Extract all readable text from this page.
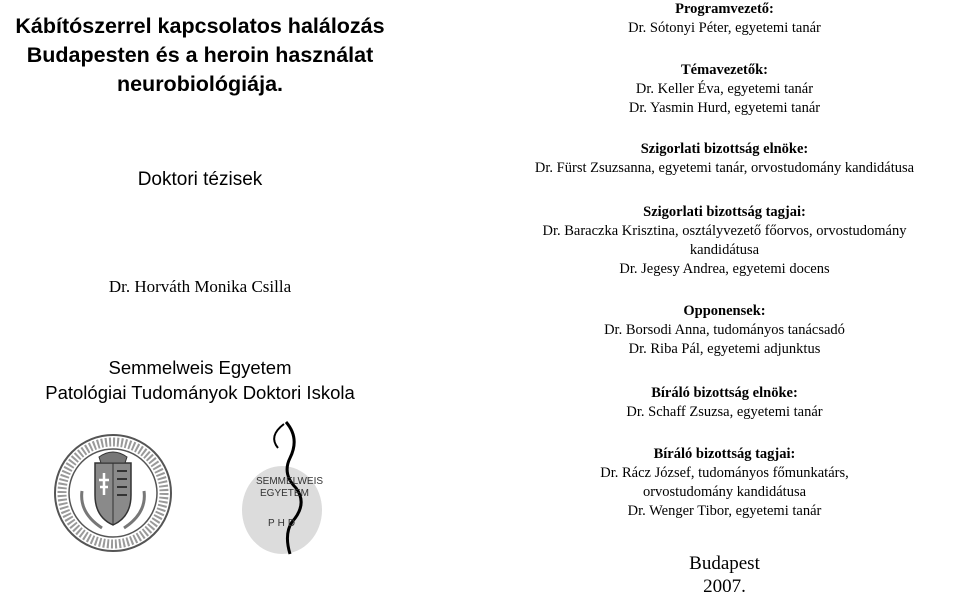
Kábítószerrel kapcsolatos halálozás
Budapesten és a heroin használat
neurobiológiája.
Doktori tézisek
Dr. Horváth Monika Csilla
Semmelweis Egyetem
Patológiai Tudományok Doktori Iskola
SEMMELWEIS
EGYETEM
PHD
Programvezető:
Dr. Sótonyi Péter, egyetemi tanár
Témavezetők:
Dr. Keller Éva, egyetemi tanár
Dr. Yasmin Hurd, egyetemi tanár
Szigorlati bizottság elnöke:
Dr. Fürst Zsuzsanna, egyetemi tanár, orvostudomány kandidátusa
Szigorlati bizottság tagjai:
Dr. Baraczka Krisztina, osztályvezető főorvos, orvostudomány
kandidátusa
Dr. Jegesy Andrea, egyetemi docens
Opponensek:
Dr. Borsodi Anna, tudományos tanácsadó
Dr. Riba Pál, egyetemi adjunktus
Bíráló bizottság elnöke:
Dr. Schaff Zsuzsa, egyetemi tanár
Bíráló bizottság tagjai:
Dr. Rácz József, tudományos főmunkatárs,
orvostudomány kandidátusa
Dr. Wenger Tibor, egyetemi tanár
Budapest
2007.
